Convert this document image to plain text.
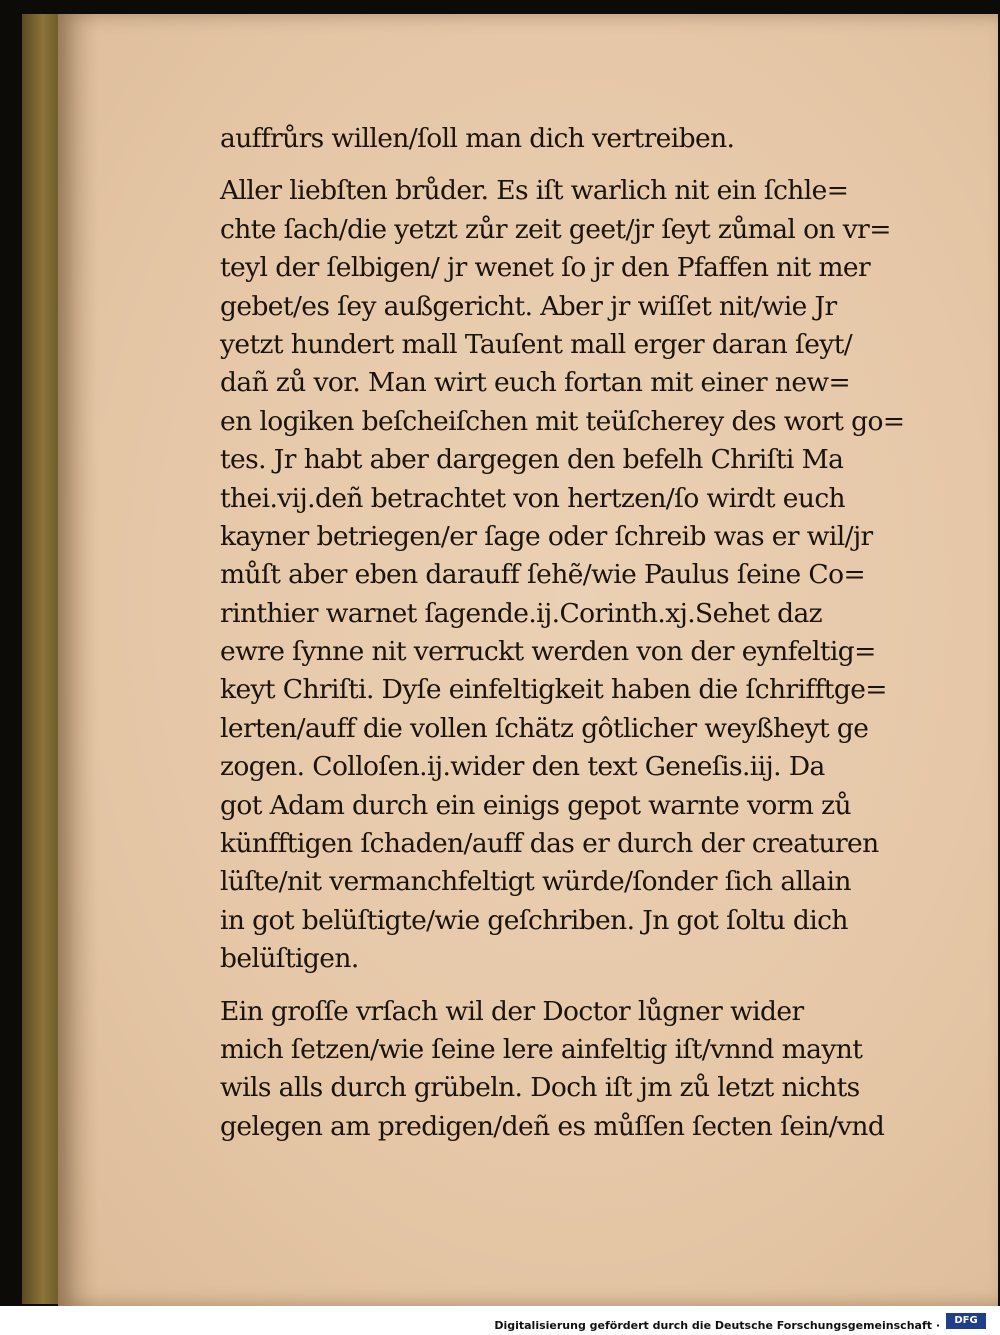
auffrůrs willen/ſoll man dich vertreiben.
Aller liebſten brůder. Es iſt warlich nit ein ſchle=
chte ſach/die yetzt zůr zeit geet/jr ſeyt zůmal on vr=
teyl der ſelbigen/ jr wenet ſo jr den Pfaffen nit mer
gebet/es ſey außgericht. Aber jr wiſſet nit/wie Jr
yetzt hundert mall Tauſent mall erger daran ſeyt/
dañ zů vor. Man wirt euch fortan mit einer new=
en logiken beſcheiſchen mit teüſcherey des wort go=
tes. Jr habt aber dargegen den befelh Chriſti Ma
thei.vij.deñ betrachtet von hertzen/ſo wirdt euch
kayner betriegen/er ſage oder ſchreib was er wil/jr
můſt aber eben darauff ſehẽ/wie Paulus ſeine Co=
rinthier warnet ſagende.ij.Corinth.xj.Sehet daz
ewre ſynne nit verruckt werden von der eynfeltig=
keyt Chriſti. Dyſe einfeltigkeit haben die ſchrifftge=
lerten/auff die vollen ſchätz gôtlicher weyßheyt ge
zogen. Colloſen.ij.wider den text Geneſis.iij. Da
got Adam durch ein einigs gepot warnte vorm zů
künfftigen ſchaden/auff das er durch der creaturen
lüſte/nit vermanchfeltigt würde/ſonder ſich allain
in got belüſtigte/wie geſchriben. Jn got ſoltu dich
belüſtigen.
Ein groſſe vrſach wil der Doctor lůgner wider
mich ſetzen/wie ſeine lere ainfeltig iſt/vnnd maynt
wils alls durch grübeln. Doch iſt jm zů letzt nichts
gelegen am predigen/deñ es můſſen ſecten ſein/vnd
Digitalisierung gefördert durch die Deutsche Forschungsgemeinschaft ·	DFG
